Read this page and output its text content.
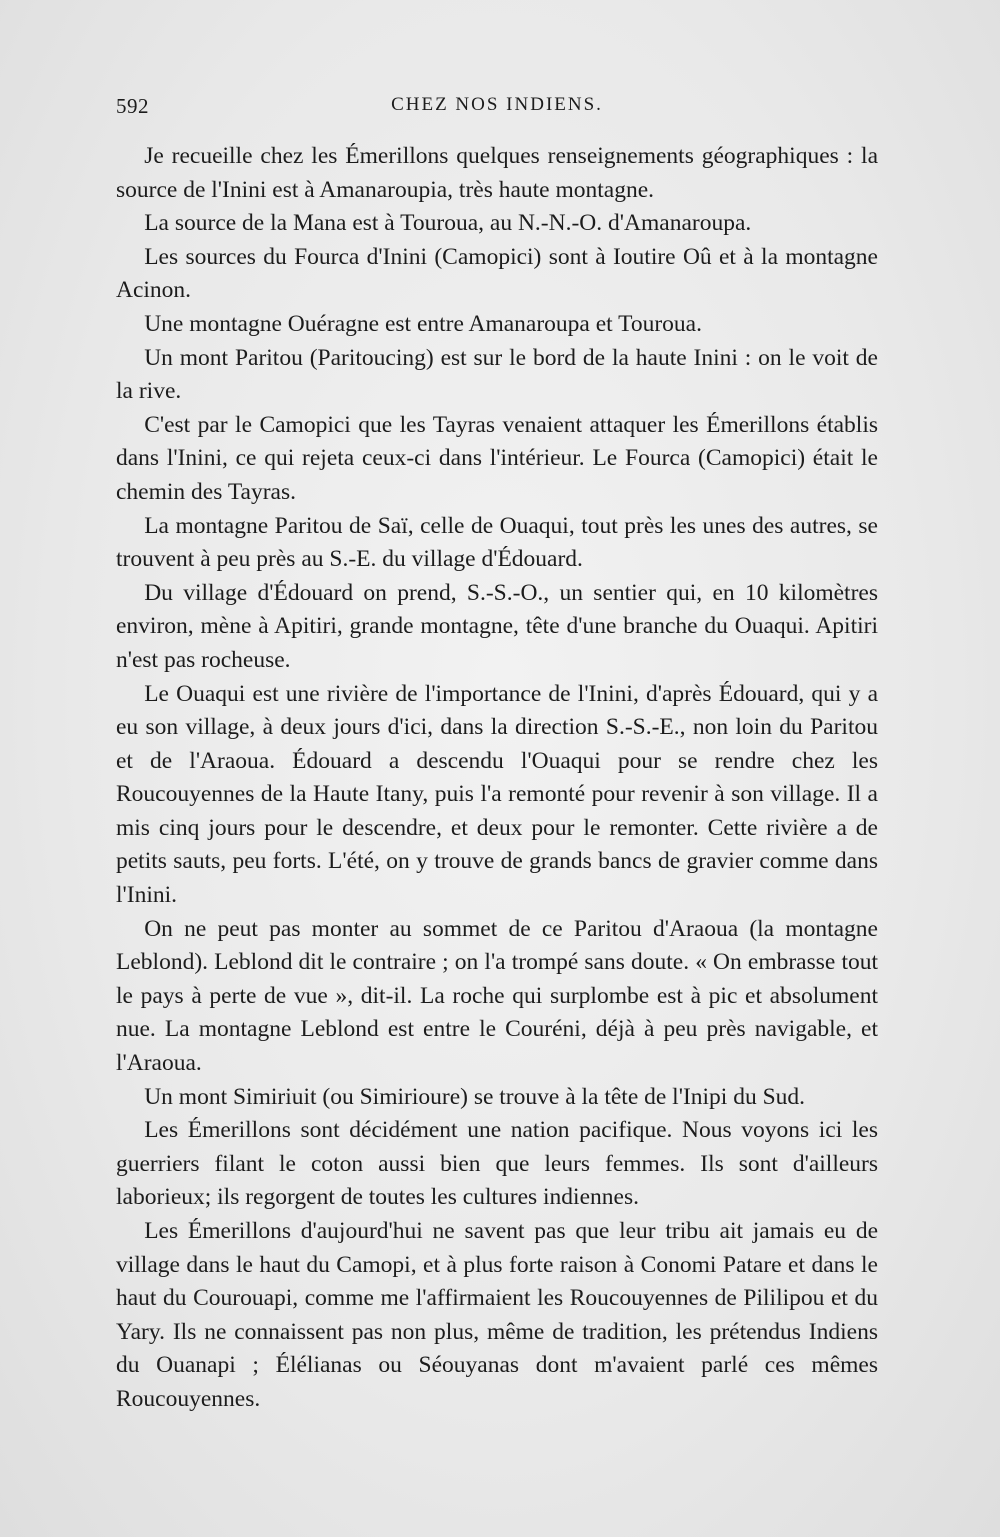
592	CHEZ NOS INDIENS.

Je recueille chez les Émerillons quelques renseignements géographiques : la source de l'Inini est à Amanaroupia, très haute montagne.

La source de la Mana est à Touroua, au N.-N.-O. d'Amanaroupa.

Les sources du Fourca d'Inini (Camopici) sont à Ioutire Oû et à la montagne Acinon.

Une montagne Ouéragne est entre Amanaroupa et Touroua.

Un mont Paritou (Paritoucing) est sur le bord de la haute Inini : on le voit de la rive.

C'est par le Camopici que les Tayras venaient attaquer les Émerillons établis dans l'Inini, ce qui rejeta ceux-ci dans l'intérieur. Le Fourca (Camopici) était le chemin des Tayras.

La montagne Paritou de Saï, celle de Ouaqui, tout près les unes des autres, se trouvent à peu près au S.-E. du village d'Édouard.

Du village d'Édouard on prend, S.-S.-O., un sentier qui, en 10 kilomètres environ, mène à Apitiri, grande montagne, tête d'une branche du Ouaqui. Apitiri n'est pas rocheuse.

Le Ouaqui est une rivière de l'importance de l'Inini, d'après Édouard, qui y a eu son village, à deux jours d'ici, dans la direction S.-S.-E., non loin du Paritou et de l'Araoua. Édouard a descendu l'Ouaqui pour se rendre chez les Roucouyennes de la Haute Itany, puis l'a remonté pour revenir à son village. Il a mis cinq jours pour le descendre, et deux pour le remonter. Cette rivière a de petits sauts, peu forts. L'été, on y trouve de grands bancs de gravier comme dans l'Inini.

On ne peut pas monter au sommet de ce Paritou d'Araoua (la montagne Leblond). Leblond dit le contraire ; on l'a trompé sans doute. « On embrasse tout le pays à perte de vue », dit-il. La roche qui surplombe est à pic et absolument nue. La montagne Leblond est entre le Couréni, déjà à peu près navigable, et l'Araoua.

Un mont Simiriuit (ou Simirioure) se trouve à la tête de l'Inipi du Sud.

Les Émerillons sont décidément une nation pacifique. Nous voyons ici les guerriers filant le coton aussi bien que leurs femmes. Ils sont d'ailleurs laborieux; ils regorgent de toutes les cultures indiennes.

Les Émerillons d'aujourd'hui ne savent pas que leur tribu ait jamais eu de village dans le haut du Camopi, et à plus forte raison à Conomi Patare et dans le haut du Courouapi, comme me l'affirmaient les Roucouyennes de Pililipou et du Yary. Ils ne connaissent pas non plus, même de tradition, les prétendus Indiens du Ouanapi ; Élélianas ou Séouyanas dont m'avaient parlé ces mêmes Roucouyennes.
